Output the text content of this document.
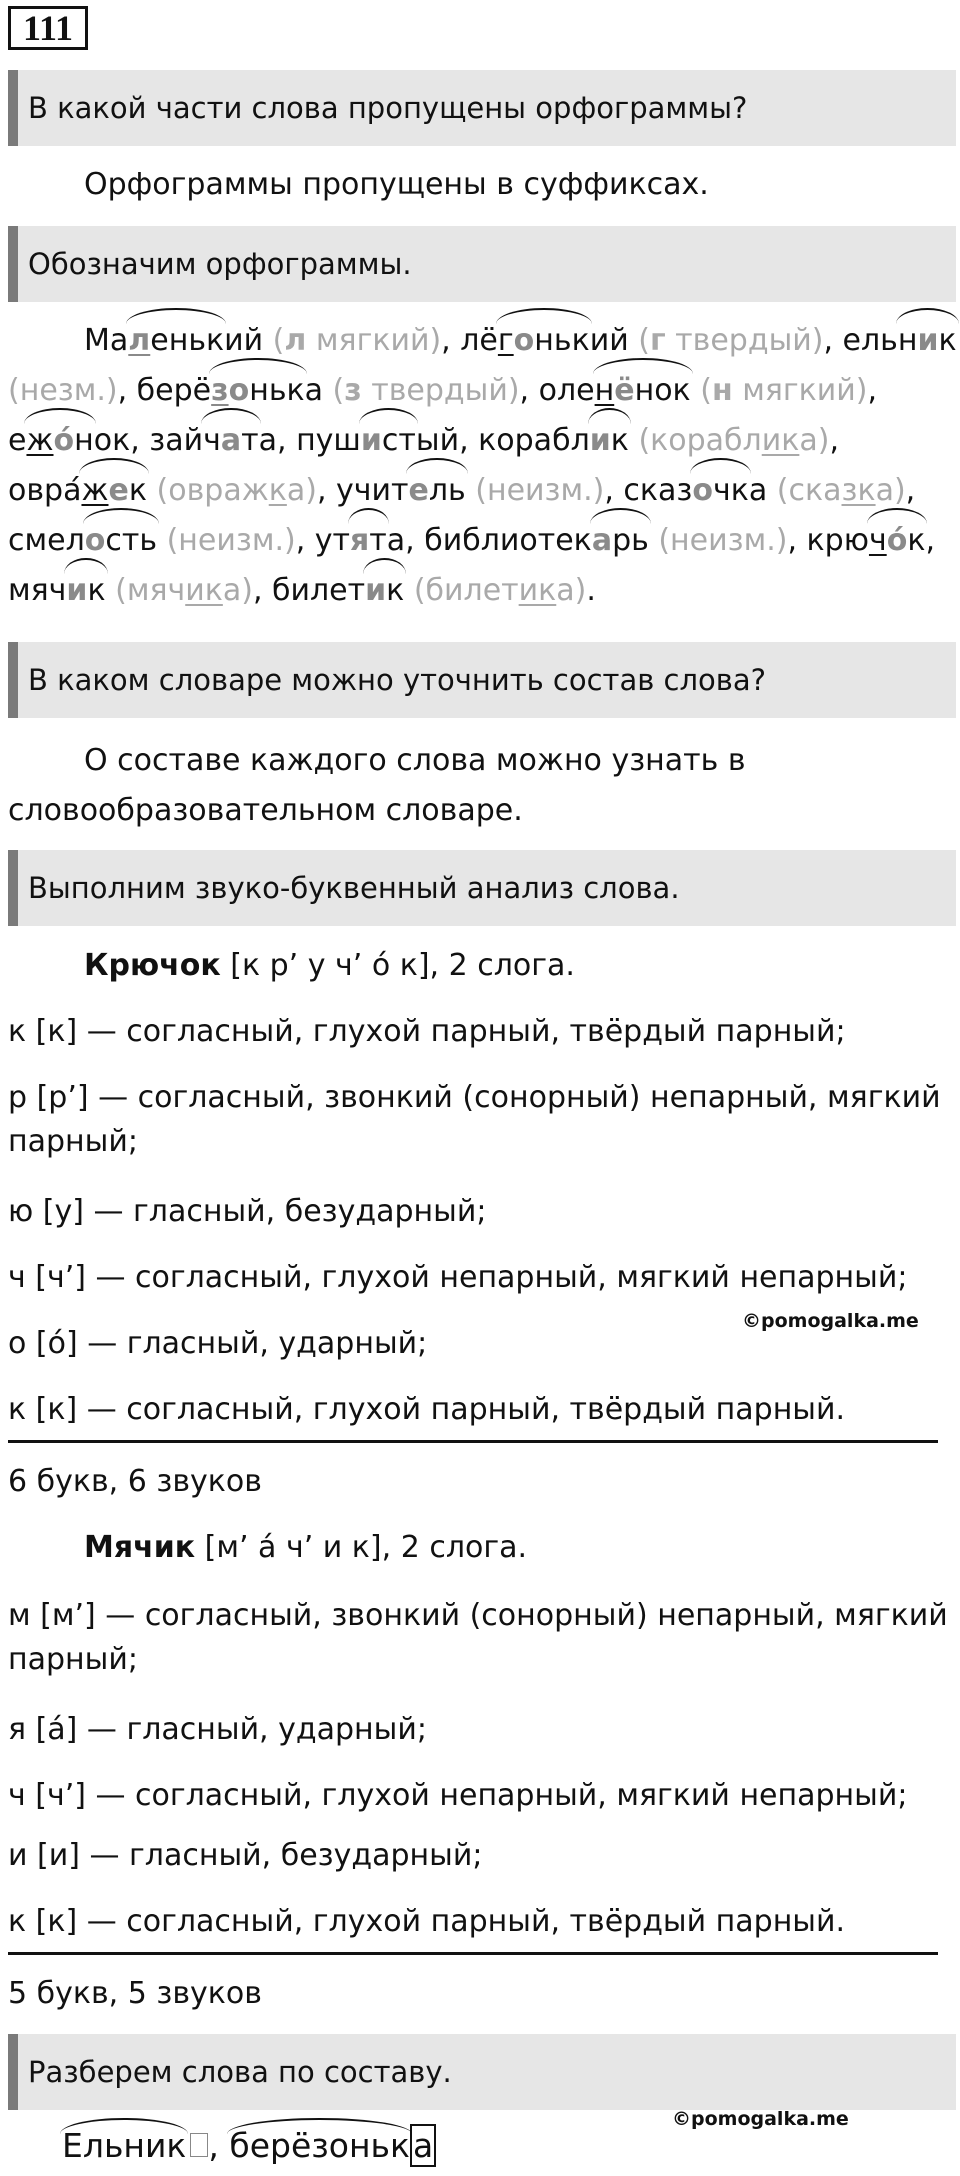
111
В какой части слова пропущены орфограммы?
Орфограммы пропущены в суффиксах.
Обозначим орфограммы.
Маленький (л мягкий), лёгонький (г твердый), ельник
(незм.), берёзонька (з твердый), оленёнок (н мягкий),
ежо́нок, зайчата, пушистый, кораблик (кораблика),
овра́жек (овражка), учитель (неизм.), сказочка (сказка),
смелость (неизм.), утята, библиотекарь (неизм.), крючо́к,
мячик (мячика), билетик (билетика).
В каком словаре можно уточнить состав слова?
О составе каждого слова можно узнать в словообразовательном словаре.
Выполним звуко-буквенный анализ слова.
Крючок [к р’ у ч’ ó к], 2 слога.
к [к] — согласный, глухой парный, твёрдый парный;
р [р’] — согласный, звонкий (сонорный) непарный, мягкий парный;
ю [у] — гласный, безударный;
ч [ч’] — согласный, глухой непарный, мягкий непарный;
©pomogalka.me
о [ó] — гласный, ударный;
к [к] — согласный, глухой парный, твёрдый парный.
6 букв, 6 звуков
Мячик [м’ á ч’ и к], 2 слога.
м [м’] — согласный, звонкий (сонорный) непарный, мягкий парный;
я [á] — гласный, ударный;
ч [ч’] — согласный, глухой непарный, мягкий непарный;
и [и] — гласный, безударный;
к [к] — согласный, глухой парный, твёрдый парный.
5 букв, 5 звуков
Разберем слова по составу.
Ельник , берёзонька
©pomogalka.me
